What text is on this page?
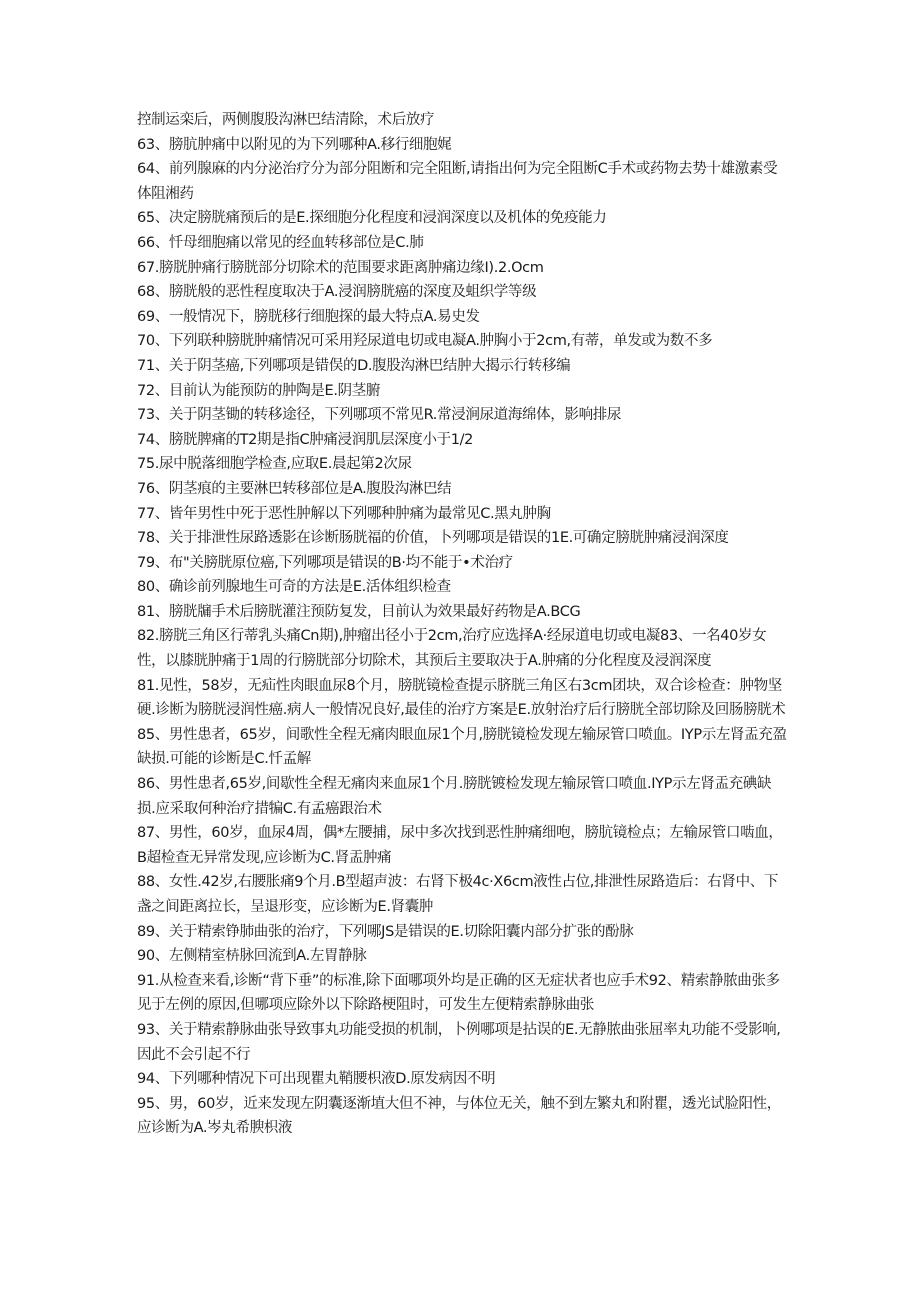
控制运栾后，两侧腹股沟淋巴结清除，术后放疗

63、膀肮肿痛中以附见的为下列哪种A.移行细胞娓

64、前列腺麻的内分泌治疗分为部分阻断和完全阻断,请指出何为完全阻断C手术或药物去势十雄激素受体阻湘药

65、决定膀胱痛预后的是E.探细胞分化程度和浸润深度以及机体的免疫能力

66、忏母细胞痛以常见的经血转移部位是C.肺

67.膀胱肿痛行膀胱部分切除术的范围要求距离肿痛边缘I).2.Ocm

68、膀胱般的恶性程度取决于A.浸润膀胱癌的深度及蛆织学等级

69、一般情况下，膀胱移行细胞探的最大特点A.易史发

70、下列联种膀胱肿痛情况可采用羟尿道电切或电凝A.肿胸小于2cm,有蒂，单发或为数不多

71、关于阴茎癌,下列哪项是错俣的D.腹股沟淋巴结肿大揭示行转移编

72、目前认为能预防的肿陶是E.阴茎腑

73、关于阴茎锄的转移途径，下列哪项不常见R.常浸涧尿道海绵体，影响排尿

74、膀胱脾痛的T2期是指C肿痛浸润肌层深度小于1/2

75.尿中脱落细胞学检查,应取E.晨起第2次尿

76、阴茎痕的主要淋巴转移部位是A.腹股沟淋巴结

77、皆年男性中死于恶性肿解以下列哪种肿痛为最常见C.黑丸肿胸

78、关于排泄性尿路透影在诊断肠胱福的价值，卜列哪项是错误的1E.可确定膀胱肿痛浸润深度

79、布"关膀胱原位癌,下列哪项是错误的B·均不能于•术治疗

80、确诊前列腺地生可奇的方法是E.活体组织检查

81、膀胱牖手术后膀胱灌注预防复发，目前认为效果最好药物是A.BCG

82.膀胱三角区行蒂乳头痛Cn期),肿瘤出径小于2cm,治疗应选择A·经尿道电切或电凝83、一名40岁女性，以膝胱肿痛于1周的行膀胱部分切除术，其预后主要取决于A.肿痛的分化程度及浸润深度

81.见性，58岁，无疝性肉眼血尿8个月，膀胱镜检查提示脐胱三角区右3cm团块，双合诊检查：肿物坚硬.诊断为膀胱浸润性癌.病人一般情况良好,最佳的治疗方案是E.放射治疗后行膀胱全部切除及回肠膀胱术

85、男性患者，65岁，间歌性全程无痛肉眼血尿1个月,膀胱镜检发现左输尿管口喷血。IYP示左肾盂充盈缺损.可能的诊断是C.忏孟解

86、男性患者,65岁,间歇性全程无痛肉来血尿1个月.膀胱镀检发现左输尿管口喷血.IYP示左肾盂充碘缺损.应采取何种治疗措犏C.有孟癌跟治术

87、男性，60岁，血尿4周，偶*左腰捕，尿中多次找到恶性肿痛细咆，膀肮镜检点；左输尿管口啮血，B超检查无异常发现,应诊断为C.肾盂肿痛

88、女性.42岁,右腰胀痛9个月.B型超声波：右肾下极4c·X6cm液性占位,排泄性尿路造后：右肾中、下盏之间距离拉长，呈退形变，应诊断为E.肾囊肿

89、关于精索铮肺曲张的治疗，下列哪JS是错误的E.切除阳囊内部分扩张的酚脉

90、左侧精室枿脉回流到A.左胃静脉

91.从检查来看,诊断“背下垂”的标准,除下面哪项外均是正确的区无症状者也应手术92、精索静脓曲张多见于左例的原因,但哪项应除外以下除路梗阻时，可发生左便精索静脉曲张

93、关于精索静脉曲张导致事丸功能受损的机制，卜例哪项是拈误的E.无静脓曲张屈率丸功能不受影响,因此不会引起不行

94、下列哪种情况下可出现瞿丸鞘腰枳液D.原发病因不明

95、男，60岁，近来发现左阴囊逐渐埴大但不神，与体位无关，触不到左繁丸和附瞿，透光试脸阳性，应诊断为A.岑丸希腴枳液
